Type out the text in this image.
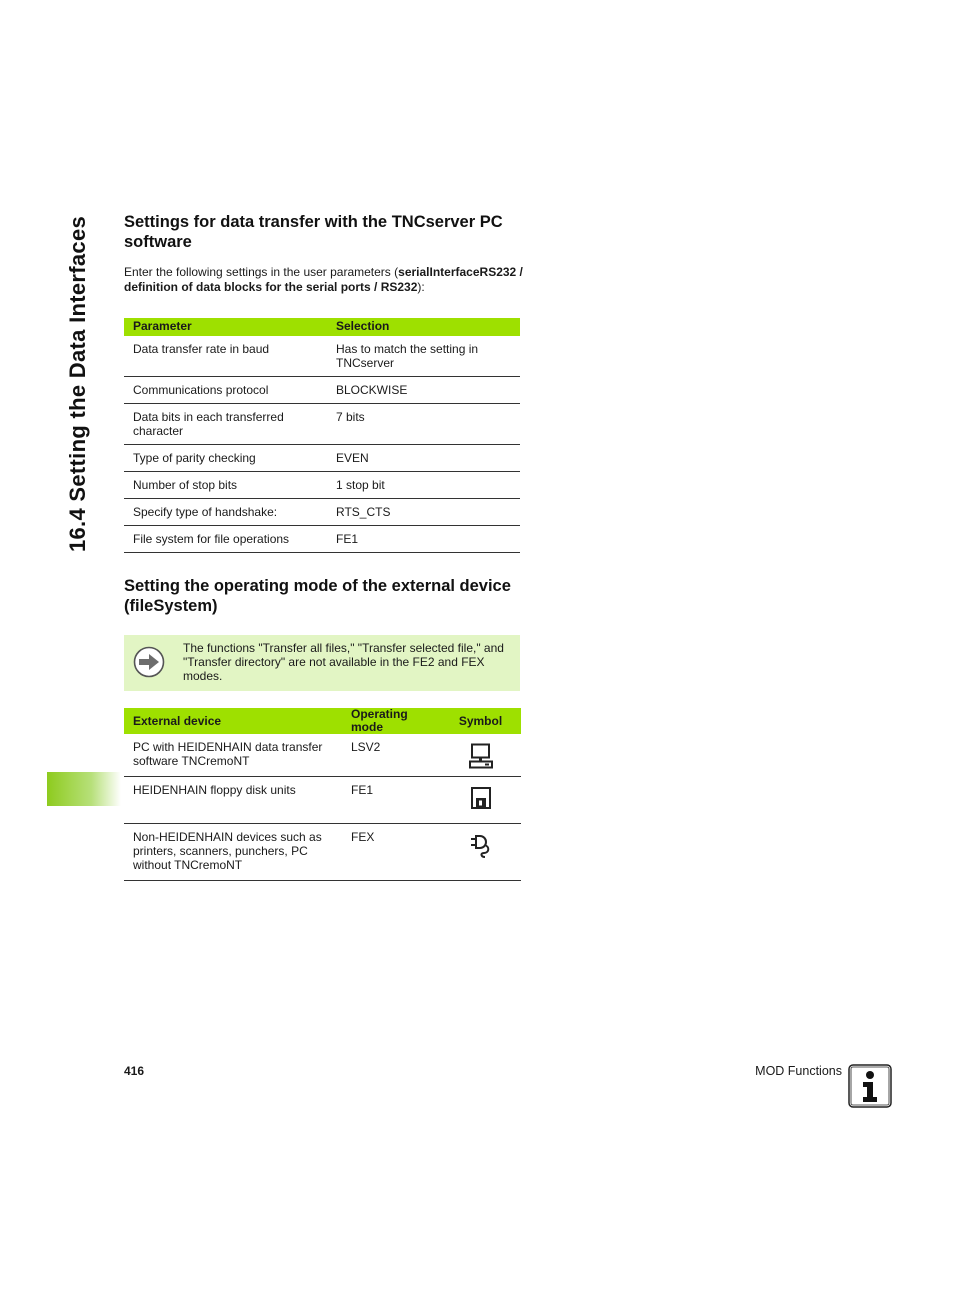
16.4 Setting the Data Interfaces Settings for data transfer with the TNCserver PC software
Enter the following settings in the user parameters (serialInterfaceRS232 / definition of data blocks for the serial ports / RS232):
Parameter	Selection
Data transfer rate in baud	Has to match the setting in TNCserver
Communications protocol	BLOCKWISE
Data bits in each transferred character	7 bits
Type of parity checking	EVEN
Number of stop bits	1 stop bit
Specify type of handshake:	RTS_CTS
File system for file operations	FE1
Setting the operating mode of the external device (fileSystem)
The functions "Transfer all files," "Transfer selected file," and "Transfer directory" are not available in the FE2 and FEX modes.
External device	Operating mode	Symbol
PC with HEIDENHAIN data transfer software TNCremoNT	LSV2	
HEIDENHAIN floppy disk units	FE1	
Non-HEIDENHAIN devices such as printers, scanners, punchers, PC without TNCremoNT	FEX	
416	MOD Functions
